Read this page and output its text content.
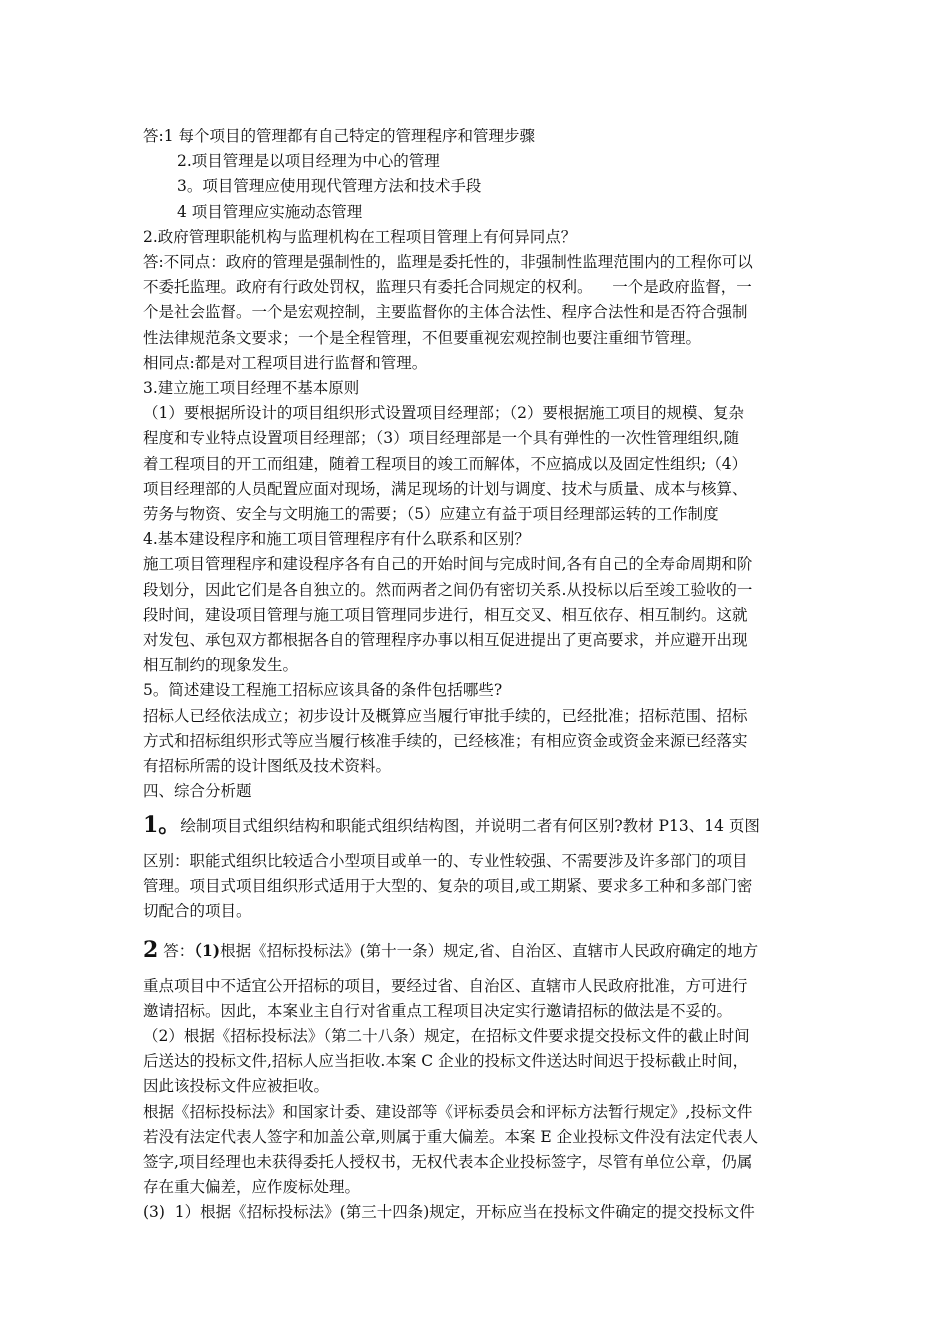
答:1 每个项目的管理都有自己特定的管理程序和管理步骤
2.项目管理是以项目经理为中心的管理
3。项目管理应使用现代管理方法和技术手段
4 项目管理应实施动态管理
2.政府管理职能机构与监理机构在工程项目管理上有何异同点？
答:不同点：政府的管理是强制性的，监理是委托性的，非强制性监理范围内的工程你可以
不委托监理。政府有行政处罚权，监理只有委托合同规定的权利。    一个是政府监督，一
个是社会监督。一个是宏观控制，主要监督你的主体合法性、程序合法性和是否符合强制
性法律规范条文要求；一个是全程管理，不但要重视宏观控制也要注重细节管理。
相同点:都是对工程项目进行监督和管理。
3.建立施工项目经理不基本原则
（1）要根据所设计的项目组织形式设置项目经理部；（2）要根据施工项目的规模、复杂
程度和专业特点设置项目经理部；（3）项目经理部是一个具有弹性的一次性管理组织,随
着工程项目的开工而组建，随着工程项目的竣工而解体，不应搞成以及固定性组织;（4）
项目经理部的人员配置应面对现场，满足现场的计划与调度、技术与质量、成本与核算、
劳务与物资、安全与文明施工的需要；（5）应建立有益于项目经理部运转的工作制度
4.基本建设程序和施工项目管理程序有什么联系和区别？
施工项目管理程序和建设程序各有自己的开始时间与完成时间,各有自己的全寿命周期和阶
段划分，因此它们是各自独立的。然而两者之间仍有密切关系.从投标以后至竣工验收的一
段时间，建设项目管理与施工项目管理同步进行，相互交叉、相互依存、相互制约。这就
对发包、承包双方都根据各自的管理程序办事以相互促进提出了更高要求，并应避开出现
相互制约的现象发生。
5。简述建设工程施工招标应该具备的条件包括哪些?
招标人已经依法成立；初步设计及概算应当履行审批手续的，已经批准；招标范围、招标
方式和招标组织形式等应当履行核准手续的，已经核准；有相应资金或资金来源已经落实
有招标所需的设计图纸及技术资料。
四、综合分析题
1。绘制项目式组织结构和职能式组织结构图，并说明二者有何区别?教材 P13、14 页图
区别：职能式组织比较适合小型项目或单一的、专业性较强、不需要涉及许多部门的项目
管理。项目式项目组织形式适用于大型的、复杂的项目,或工期紧、要求多工种和多部门密
切配合的项目。
2 答：（1)根据《招标投标法》(第十一条）规定,省、自治区、直辖市人民政府确定的地方
重点项目中不适宜公开招标的项目，要经过省、自治区、直辖市人民政府批准，方可进行
邀请招标。因此，本案业主自行对省重点工程项目决定实行邀请招标的做法是不妥的。
（2）根据《招标投标法》（第二十八条）规定，在招标文件要求提交投标文件的截止时间
后送达的投标文件,招标人应当拒收.本案 C 企业的投标文件送达时间迟于投标截止时间，
因此该投标文件应被拒收。
根据《招标投标法》和国家计委、建设部等《评标委员会和评标方法暂行规定》,投标文件
若没有法定代表人签字和加盖公章,则属于重大偏差。本案 E 企业投标文件没有法定代表人
签字,项目经理也未获得委托人授权书，无权代表本企业投标签字，尽管有单位公章，仍属
存在重大偏差，应作废标处理。
(3)  1）根据《招标投标法》(第三十四条)规定，开标应当在投标文件确定的提交投标文件
